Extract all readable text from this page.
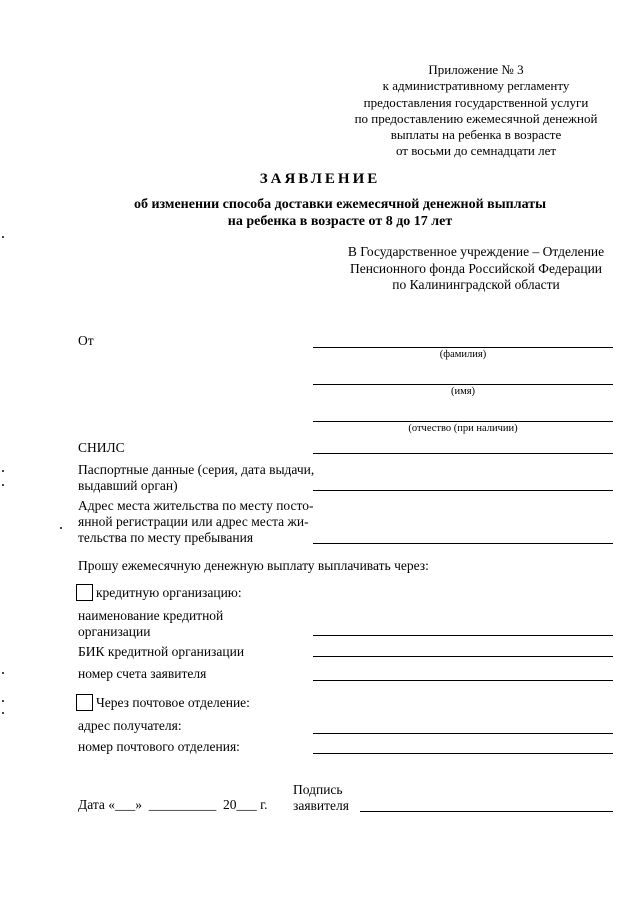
Приложение № 3
к административному регламенту
предоставления государственной услуги
по предоставлению ежемесячной денежной
выплаты на ребенка в возрасте
от восьми до семнадцати лет
ЗАЯВЛЕНИЕ
об изменении способа доставки ежемесячной денежной выплаты
на ребенка в возрасте от 8 до 17 лет
В Государственное учреждение – Отделение
Пенсионного фонда Российской Федерации
по Калининградской области
От
(фамилия)
(имя)
(отчество (при наличии)
СНИЛС
Паспортные данные (серия, дата выдачи,
выдавший орган)
Адрес места жительства по месту посто-
янной регистрации или адрес места жи-
тельства по месту пребывания
Прошу ежемесячную денежную выплату выплачивать через:
кредитную организацию:
наименование кредитной
организации
БИК кредитной организации
номер счета заявителя
Через почтовое отделение:
адрес получателя:
номер почтового отделения:
Дата «___»  __________  20___ г.
Подпись
заявителя
